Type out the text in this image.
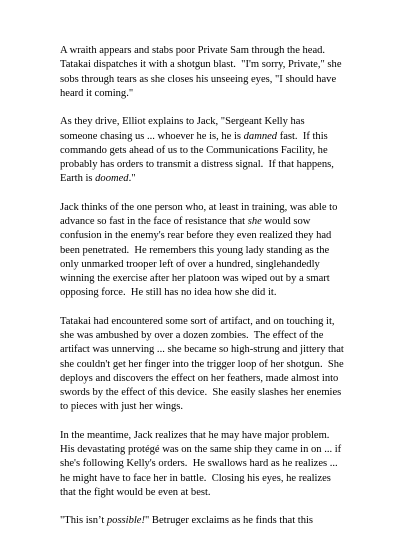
A wraith appears and stabs poor Private Sam through the head.
Tatakai dispatches it with a shotgun blast.  "I'm sorry, Private," she
sobs through tears as she closes his unseeing eyes, "I should have
heard it coming."

As they drive, Elliot explains to Jack, "Sergeant Kelly has
someone chasing us ... whoever he is, he is damned fast.  If this
commando gets ahead of us to the Communications Facility, he
probably has orders to transmit a distress signal.  If that happens,
Earth is doomed."

Jack thinks of the one person who, at least in training, was able to
advance so fast in the face of resistance that she would sow
confusion in the enemy's rear before they even realized they had
been penetrated.  He remembers this young lady standing as the
only unmarked trooper left of over a hundred, singlehandedly
winning the exercise after her platoon was wiped out by a smart
opposing force.  He still has no idea how she did it.

Tatakai had encountered some sort of artifact, and on touching it,
she was ambushed by over a dozen zombies.  The effect of the
artifact was unnerving ... she became so high-strung and jittery that
she couldn't get her finger into the trigger loop of her shotgun.  She
deploys and discovers the effect on her feathers, made almost into
swords by the effect of this device.  She easily slashes her enemies
to pieces with just her wings.

In the meantime, Jack realizes that he may have major problem.
His devastating protégé was on the same ship they came in on ... if
she's following Kelly's orders.  He swallows hard as he realizes ...
he might have to face her in battle.  Closing his eyes, he realizes
that the fight would be even at best.

"This isn’t possible!" Betruger exclaims as he finds that this
